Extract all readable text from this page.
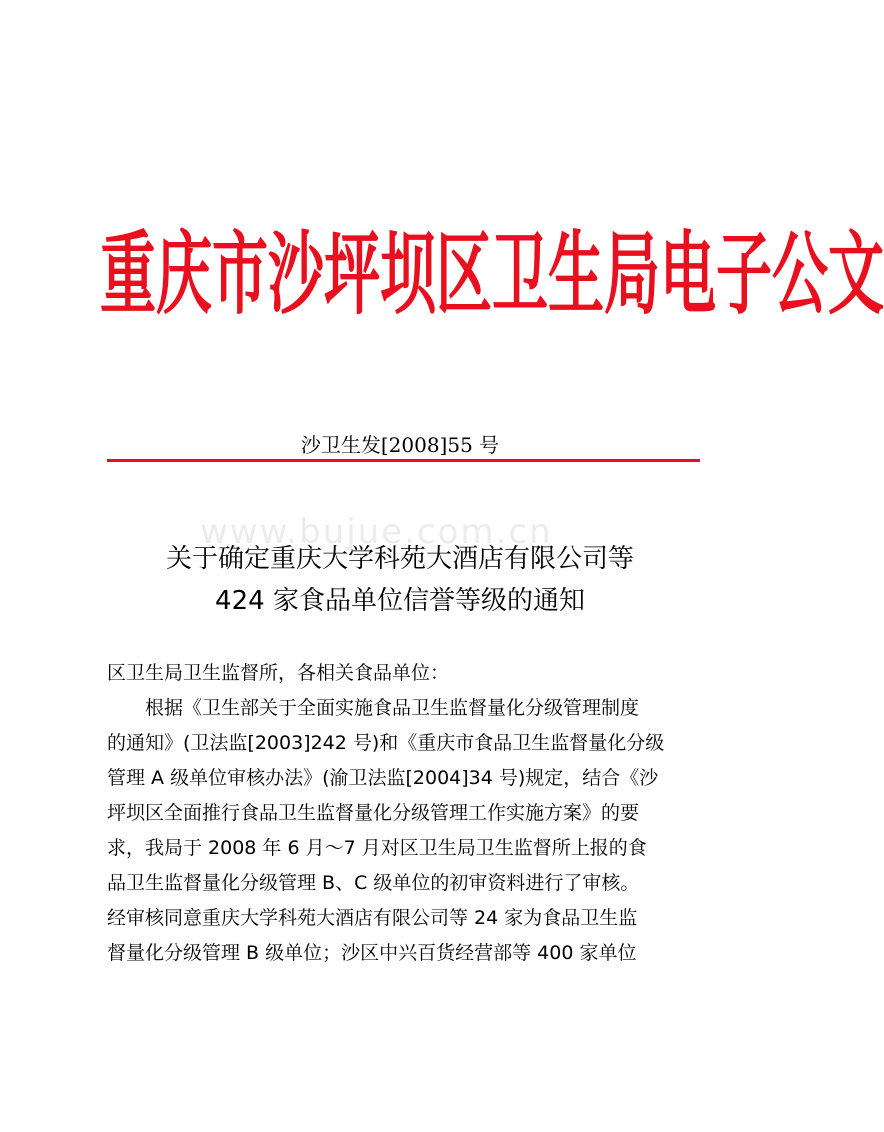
www.bujue.com.cn
重庆市沙坪坝区卫生局电子公文
沙卫生发[2008]55 号
关于确定重庆大学科苑大酒店有限公司等
424 家食品单位信誉等级的通知
区卫生局卫生监督所，各相关食品单位：
根据《卫生部关于全面实施食品卫生监督量化分级管理制度
的通知》(卫法监[2003]242 号)和《重庆市食品卫生监督量化分级
管理 A 级单位审核办法》(渝卫法监[2004]34 号)规定，结合《沙
坪坝区全面推行食品卫生监督量化分级管理工作实施方案》的要
求，我局于 2008 年 6 月～7 月对区卫生局卫生监督所上报的食
品卫生监督量化分级管理 B、C 级单位的初审资料进行了审核。
经审核同意重庆大学科苑大酒店有限公司等 24 家为食品卫生监
督量化分级管理 B 级单位；沙区中兴百货经营部等 400 家单位
